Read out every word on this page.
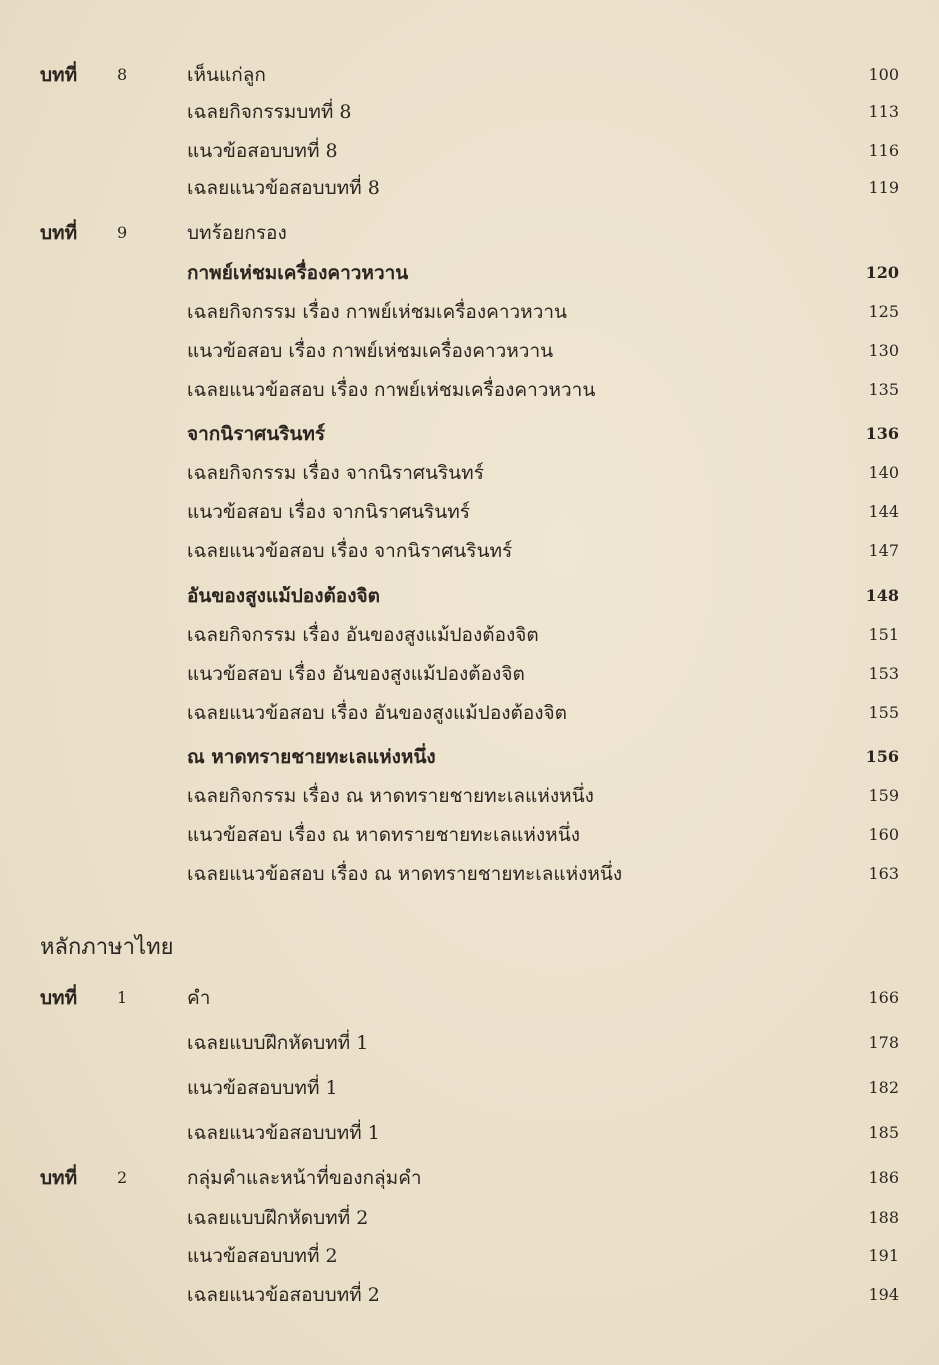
บทที่ 8	เห็นแก่ลูก	100
เฉลยกิจกรรมบทที่ 8	113
แนวข้อสอบบทที่ 8	116
เฉลยแนวข้อสอบบทที่ 8	119
บทที่ 9	บทร้อยกรอง
กาพย์เห่ชมเครื่องคาวหวาน	120
เฉลยกิจกรรม เรื่อง กาพย์เห่ชมเครื่องคาวหวาน	125
แนวข้อสอบ เรื่อง กาพย์เห่ชมเครื่องคาวหวาน	130
เฉลยแนวข้อสอบ เรื่อง กาพย์เห่ชมเครื่องคาวหวาน	135
จากนิราศนรินทร์	136
เฉลยกิจกรรม เรื่อง จากนิราศนรินทร์	140
แนวข้อสอบ เรื่อง จากนิราศนรินทร์	144
เฉลยแนวข้อสอบ เรื่อง จากนิราศนรินทร์	147
อันของสูงแม้ปองต้องจิต	148
เฉลยกิจกรรม เรื่อง อันของสูงแม้ปองต้องจิต	151
แนวข้อสอบ เรื่อง อันของสูงแม้ปองต้องจิต	153
เฉลยแนวข้อสอบ เรื่อง อันของสูงแม้ปองต้องจิต	155
ณ หาดทรายชายทะเลแห่งหนึ่ง	156
เฉลยกิจกรรม เรื่อง ณ หาดทรายชายทะเลแห่งหนึ่ง	159
แนวข้อสอบ เรื่อง ณ หาดทรายชายทะเลแห่งหนึ่ง	160
เฉลยแนวข้อสอบ เรื่อง ณ หาดทรายชายทะเลแห่งหนึ่ง	163
หลักภาษาไทย
บทที่ 1	คำ	166
เฉลยแบบฝึกหัดบทที่ 1	178
แนวข้อสอบบทที่ 1	182
เฉลยแนวข้อสอบบทที่ 1	185
บทที่ 2	กลุ่มคำและหน้าที่ของกลุ่มคำ	186
เฉลยแบบฝึกหัดบทที่ 2	188
แนวข้อสอบบทที่ 2	191
เฉลยแนวข้อสอบบทที่ 2	194
